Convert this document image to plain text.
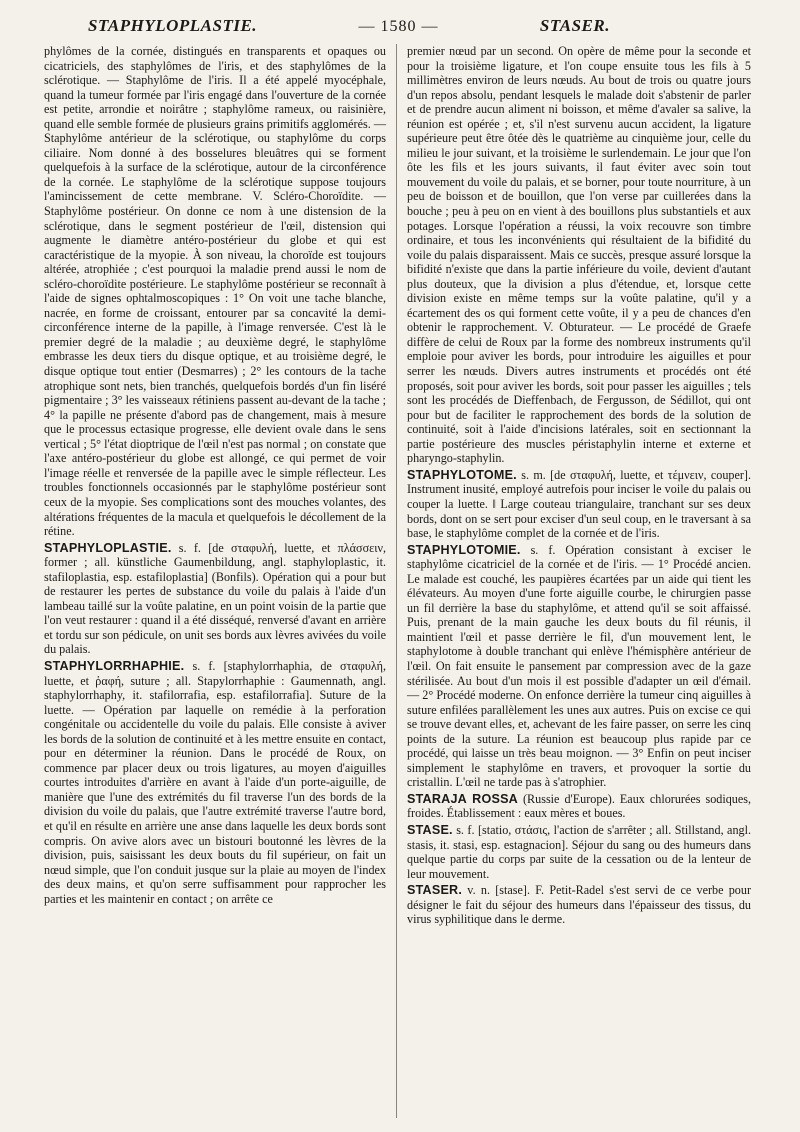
STAPHYLOPLASTIE.	— 1580 —	STASER.

phylômes de la cornée, distingués en transparents et opaques ou cicatriciels, des staphylômes de l'iris, et des staphylômes de la sclérotique. — Staphylôme de l'iris. Il a été appelé myocéphale, quand la tumeur formée par l'iris engagé dans l'ouverture de la cornée est petite, arrondie et noirâtre ; staphylôme rameux, ou raisinière, quand elle semble formée de plusieurs grains primitifs agglomérés. — Staphylôme antérieur de la sclérotique, ou staphylôme du corps ciliaire. Nom donné à des bosselures bleuâtres qui se forment quelquefois à la surface de la sclérotique, autour de la circonférence de la cornée. Le staphylôme de la sclérotique suppose toujours l'amincissement de cette membrane. V. Scléro-Choroïdite. — Staphylôme postérieur. On donne ce nom à une distension de la sclérotique, dans le segment postérieur de l'œil, distension qui augmente le diamètre antéro-postérieur du globe et qui est caractéristique de la myopie. À son niveau, la choroïde est toujours altérée, atrophiée ; c'est pourquoi la maladie prend aussi le nom de scléro-choroïdite postérieure. Le staphylôme postérieur se reconnaît à l'aide de signes ophtalmoscopiques : 1° On voit une tache blanche, nacrée, en forme de croissant, entourer par sa concavité la demi-circonférence interne de la papille, à l'image renversée. C'est là le premier degré de la maladie ; au deuxième degré, le staphylôme embrasse les deux tiers du disque optique, et au troisième degré, le disque optique tout entier (Desmarres) ; 2° les contours de la tache atrophique sont nets, bien tranchés, quelquefois bordés d'un fin liséré pigmentaire ; 3° les vaisseaux rétiniens passent au-devant de la tache ; 4° la papille ne présente d'abord pas de changement, mais à mesure que le processus ectasique progresse, elle devient ovale dans le sens vertical ; 5° l'état dioptrique de l'œil n'est pas normal ; on constate que l'axe antéro-postérieur du globe est allongé, ce qui permet de voir l'image réelle et renversée de la papille avec le simple réflecteur. Les troubles fonctionnels occasionnés par le staphylôme postérieur sont ceux de la myopie. Ses complications sont des mouches volantes, des altérations fréquentes de la macula et quelquefois le décollement de la rétine.

STAPHYLOPLASTIE. s. f. [de σταφυλή, luette, et πλάσσειν, former ; all. künstliche Gaumenbildung, angl. staphyloplastic, it. stafiloplastia, esp. estafiloplastia] (Bonfils). Opération qui a pour but de restaurer les pertes de substance du voile du palais à l'aide d'un lambeau taillé sur la voûte palatine, en un point voisin de la partie que l'on veut restaurer : quand il a été disséqué, renversé d'avant en arrière et tordu sur son pédicule, on unit ses bords aux lèvres avivées du voile du palais.

STAPHYLORRHAPHIE. s. f. [staphylorrhaphia, de σταφυλή, luette, et ῥαφή, suture ; all. Stapylorrhaphie : Gaumennath, angl. staphylorrhaphy, it. stafilorrafia, esp. estafilorrafia]. Suture de la luette. — Opération par laquelle on remédie à la perforation congénitale ou accidentelle du voile du palais. Elle consiste à aviver les bords de la solution de continuité et à les mettre ensuite en contact, pour en déterminer la réunion. Dans le procédé de Roux, on commence par placer deux ou trois ligatures, au moyen d'aiguilles courtes introduites d'arrière en avant à l'aide d'un porte-aiguille, de manière que l'une des extrémités du fil traverse l'un des bords de la division du voile du palais, que l'autre extrémité traverse l'autre bord, et qu'il en résulte en arrière une anse dans laquelle les deux bords sont compris. On avive alors avec un bistouri boutonné les lèvres de la division, puis, saisissant les deux bouts du fil supérieur, on fait un nœud simple, que l'on conduit jusque sur la plaie au moyen de l'index des deux mains, et qu'on serre suffisamment pour rapprocher les parties et les maintenir en contact ; on arrête ce

premier nœud par un second. On opère de même pour la seconde et pour la troisième ligature, et l'on coupe ensuite tous les fils à 5 millimètres environ de leurs nœuds. Au bout de trois ou quatre jours d'un repos absolu, pendant lesquels le malade doit s'abstenir de parler et de prendre aucun aliment ni boisson, et même d'avaler sa salive, la réunion est opérée ; et, s'il n'est survenu aucun accident, la ligature supérieure peut être ôtée dès le quatrième au cinquième jour, celle du milieu le jour suivant, et la troisième le surlendemain. Le jour que l'on ôte les fils et les jours suivants, il faut éviter avec soin tout mouvement du voile du palais, et se borner, pour toute nourriture, à un peu de boisson et de bouillon, que l'on verse par cuillerées dans la bouche ; peu à peu on en vient à des bouillons plus substantiels et aux potages. Lorsque l'opération a réussi, la voix recouvre son timbre ordinaire, et tous les inconvénients qui résultaient de la bifidité du voile du palais disparaissent. Mais ce succès, presque assuré lorsque la bifidité n'existe que dans la partie inférieure du voile, devient d'autant plus douteux, que la division a plus d'étendue, et, lorsque cette division existe en même temps sur la voûte palatine, qu'il y a écartement des os qui forment cette voûte, il y a peu de chances d'en obtenir le rapprochement. V. Obturateur. — Le procédé de Graefe diffère de celui de Roux par la forme des nombreux instruments qu'il emploie pour aviver les bords, pour introduire les aiguilles et pour serrer les nœuds. Divers autres instruments et procédés ont été proposés, soit pour aviver les bords, soit pour passer les aiguilles ; tels sont les procédés de Dieffenbach, de Fergusson, de Sédillot, qui ont pour but de faciliter le rapprochement des bords de la solution de continuité, soit à l'aide d'incisions latérales, soit en sectionnant la partie postérieure des muscles péristaphylin interne et externe et pharyngo-staphylin.

STAPHYLOTOME. s. m. [de σταφυλή, luette, et τέμνειν, couper]. Instrument inusité, employé autrefois pour inciser le voile du palais ou couper la luette. ‖ Large couteau triangulaire, tranchant sur ses deux bords, dont on se sert pour exciser d'un seul coup, en le traversant à sa base, le staphylôme complet de la cornée et de l'iris.

STAPHYLOTOMIE. s. f. Opération consistant à exciser le staphylôme cicatriciel de la cornée et de l'iris. — 1° Procédé ancien. Le malade est couché, les paupières écartées par un aide qui tient les élévateurs. Au moyen d'une forte aiguille courbe, le chirurgien passe un fil derrière la base du staphylôme, et attend qu'il se soit affaissé. Puis, prenant de la main gauche les deux bouts du fil réunis, il maintient l'œil et passe derrière le fil, d'un mouvement lent, le staphylotome à double tranchant qui enlève l'hémisphère antérieur de l'œil. On fait ensuite le pansement par compression avec de la gaze stérilisée. Au bout d'un mois il est possible d'adapter un œil d'émail. — 2° Procédé moderne. On enfonce derrière la tumeur cinq aiguilles à suture enfilées parallèlement les unes aux autres. Puis on excise ce qui se trouve devant elles, et, achevant de les faire passer, on serre les cinq points de la suture. La réunion est beaucoup plus rapide par ce procédé, qui laisse un très beau moignon. — 3° Enfin on peut inciser simplement le staphylôme en travers, et provoquer la sortie du cristallin. L'œil ne tarde pas à s'atrophier.

STARAJA ROSSA (Russie d'Europe). Eaux chlorurées sodiques, froides. Établissement : eaux mères et boues.

STASE. s. f. [statio, στάσις, l'action de s'arrêter ; all. Stillstand, angl. stasis, it. stasi, esp. estagnacion]. Séjour du sang ou des humeurs dans quelque partie du corps par suite de la cessation ou de la lenteur de leur mouvement.

STASER. v. n. [stase]. F. Petit-Radel s'est servi de ce verbe pour désigner le fait du séjour des humeurs dans l'épaisseur des tissus, du virus syphilitique dans le derme.
